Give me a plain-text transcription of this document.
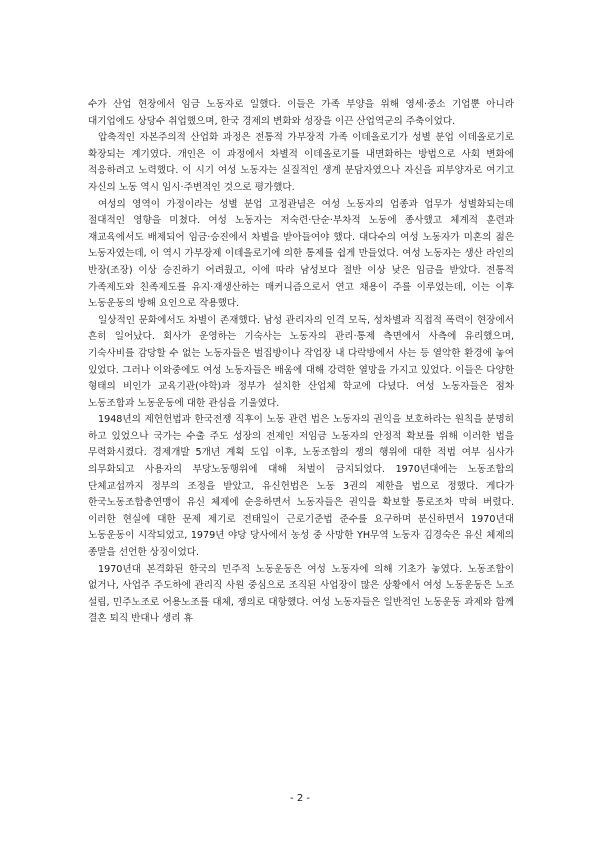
수가 산업 현장에서 임금 노동자로 일했다. 이들은 가족 부양을 위해 영세·중소 기업뿐 아니라 대기업에도 상당수 취업했으며, 한국 경제의 변화와 성장을 이끈 산업역군의 주축이었다.

압축적인 자본주의적 산업화 과정은 전통적 가부장적 가족 이데올로기가 성별 분업 이데올로기로 확장되는 계기였다. 개인은 이 과정에서 차별적 이데올로기를 내면화하는 방법으로 사회 변화에 적응하려고 노력했다. 이 시기 여성 노동자는 실질적인 생계 분담자였으나 자신을 피부양자로 여기고 자신의 노동 역시 임시·주변적인 것으로 평가했다.

여성의 영역이 가정이라는 성별 분업 고정관념은 여성 노동자의 업종과 업무가 성별화되는데 절대적인 영향을 미쳤다. 여성 노동자는 저숙련·단순·부차적 노동에 종사했고 체계적 훈련과 재교육에서도 배제되어 임금·승진에서 차별을 받아들여야 했다. 대다수의 여성 노동자가 미혼의 젊은 노동자였는데, 이 역시 가부장제 이데올로기에 의한 통제를 쉽게 만들었다. 여성 노동자는 생산 라인의 반장(조장) 이상 승진하기 어려웠고, 이에 따라 남성보다 절반 이상 낮은 임금을 받았다. 전통적 가족제도와 친족제도를 유지·재생산하는 매커니즘으로서 연고 채용이 주를 이루었는데, 이는 이후 노동운동의 방해 요인으로 작용했다.

일상적인 문화에서도 차별이 존재했다. 남성 관리자의 인격 모독, 성차별과 직접적 폭력이 현장에서 흔히 일어났다. 회사가 운영하는 기숙사는 노동자의 관리·통제 측면에서 사측에 유리했으며, 기숙사비를 감당할 수 없는 노동자들은 벌집방이나 작업장 내 다락방에서 사는 등 열악한 환경에 놓여 있었다. 그러나 이와중에도 여성 노동자들은 배움에 대해 강력한 열망을 가지고 있었다. 이들은 다양한 형태의 비인가 교육기관(야학)과 정부가 설치한 산업체 학교에 다녔다. 여성 노동자들은 점차 노동조합과 노동운동에 대한 관심을 기울였다.

1948년의 제헌헌법과 한국전쟁 직후이 노동 관련 법은 노동자의 권익을 보호하라는 원칙을 분명히 하고 있었으나 국가는 수출 주도 성장의 전제인 저임금 노동자의 안정적 확보를 위해 이러한 법을 무력화시켰다. 경제개발 5개년 계획 도입 이후, 노동조합의 쟁의 행위에 대한 적법 여부 심사가 의무화되고 사용자의 부당노동행위에 대해 처벌이 금지되었다. 1970년대에는 노동조합의 단체교섭까지 정부의 조정을 받았고, 유신헌법은 노동 3권의 제한을 법으로 정했다. 게다가 한국노동조합총연맹이 유신 체제에 순응하면서 노동자들은 권익을 확보할 통로조차 막혀 버렸다. 이러한 현실에 대한 문제 제기로 전태일이 근로기준법 준수를 요구하며 분신하면서 1970년대 노동운동이 시작되었고, 1979년 야당 당사에서 농성 중 사망한 YH무역 노동자 김경숙은 유신 체제의 종말을 선언한 상징이었다.

1970년대 본격화된 한국의 민주적 노동운동은 여성 노동자에 의해 기초가 놓였다. 노동조합이 없거나, 사업주 주도하에 관리직 사원 중심으로 조직된 사업장이 많은 상황에서 여성 노동운동은 노조 설립, 민주노조로 어용노조를 대체, 쟁의로 대항했다. 여성 노동자들은 일반적인 노동운동 과제와 함께 결혼 퇴직 반대나 생리 휴

- 2 -
